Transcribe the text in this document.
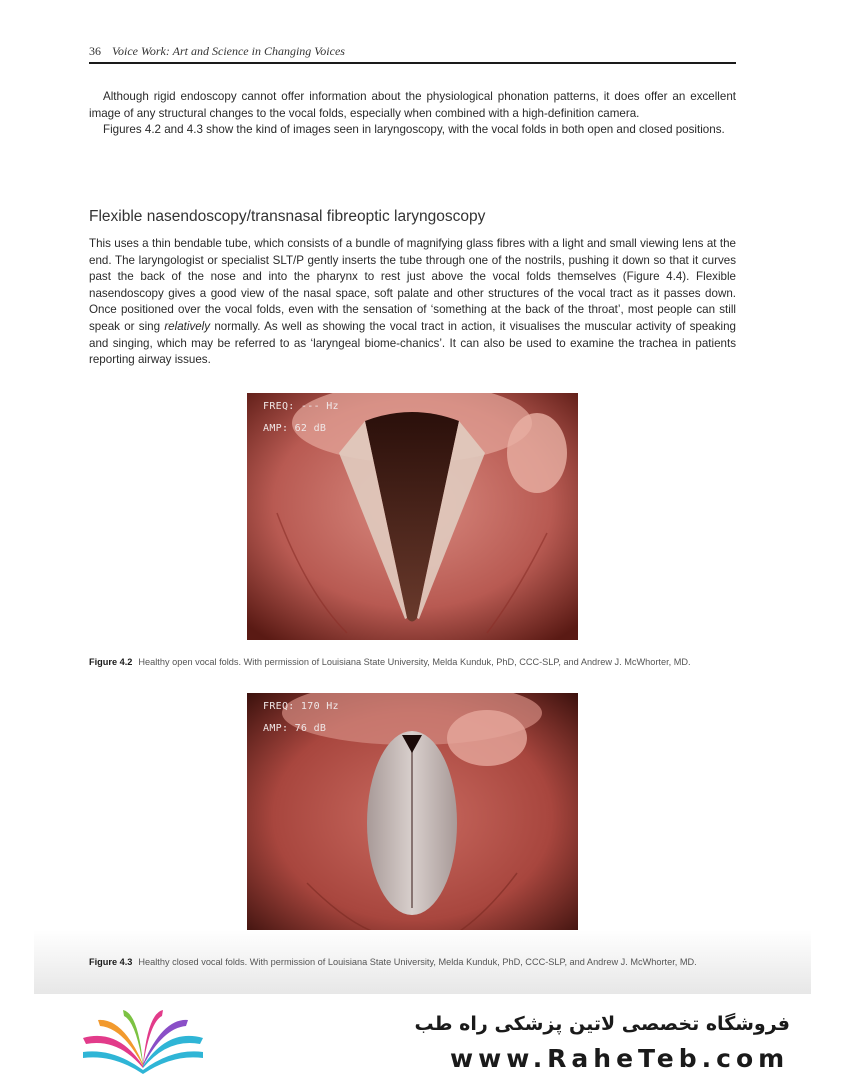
36 Voice Work: Art and Science in Changing Voices

Although rigid endoscopy cannot offer information about the physiological phonation patterns, it does offer an excellent image of any structural changes to the vocal folds, especially when combined with a high-definition camera.

Figures 4.2 and 4.3 show the kind of images seen in laryngoscopy, with the vocal folds in both open and closed positions.

Flexible nasendoscopy/transnasal fibreoptic laryngoscopy

This uses a thin bendable tube, which consists of a bundle of magnifying glass fibres with a light and small viewing lens at the end. The laryngologist or specialist SLT/P gently inserts the tube through one of the nostrils, pushing it down so that it curves past the back of the nose and into the pharynx to rest just above the vocal folds themselves (Figure 4.4). Flexible nasendoscopy gives a good view of the nasal space, soft palate and other structures of the vocal tract as it passes down. Once positioned over the vocal folds, even with the sensation of ‘something at the back of the throat’, most people can still speak or sing relatively normally. As well as showing the vocal tract in action, it visualises the muscular activity of speaking and singing, which may be referred to as ‘laryngeal biome-chanics’. It can also be used to examine the trachea in patients reporting airway issues.

FREQ: --- Hz
AMP: 62 dB
Figure 4.2 Healthy open vocal folds. With permission of Louisiana State University, Melda Kunduk, PhD, CCC-SLP, and Andrew J. McWhorter, MD.
FREQ: 170 Hz
AMP: 76 dB
Figure 4.3 Healthy closed vocal folds. With permission of Louisiana State University, Melda Kunduk, PhD, CCC-SLP, and Andrew J. McWhorter, MD.
فروشگاه تخصصی لاتین پزشکی راه طب
www.RaheTeb.com
